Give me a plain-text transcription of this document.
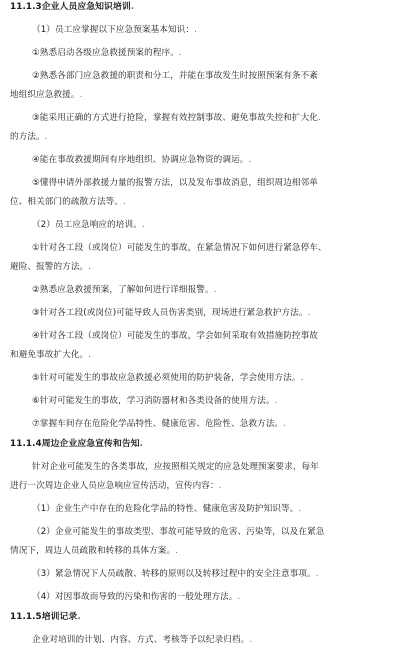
11.1.3企业人员应急知识培训.
（1）员工应掌握以下应急预案基本知识：.
①熟悉启动各级应急救援预案的程序。.
②熟悉各部门应急救援的职责和分工，并能在事故发生时按照预案有条不紊
地组织应急救援。.
③能采用正确的方式进行抢险，掌握有效控制事故、避免事故失控和扩大化.
的方法。.
④能在事故救援期间有序地组织、协调应急物资的调运。.
⑤懂得申请外部救援力量的报警方法，以及发布事故消息，组织周边相邻单
位、相关部门的疏散方法等。.
（2）员工应急响应的培训。.
①针对各工段（或岗位）可能发生的事故，在紧急情况下如何进行紧急停车、
避险、报警的方法。.
②熟悉应急救援预案，了解如何进行详细报警。.
③针对各工段(或岗位)可能导致人员伤害类别，现场进行紧急救护方法。.
④针对各工段（或岗位）可能发生的事故，学会如何采取有效措施防控事故
和避免事故扩大化。.
⑤针对可能发生的事故应急救援必须使用的防护装备，学会使用方法。.
⑥针对可能发生的事故，学习消防器材和各类设备的使用方法。.
⑦掌握车间存在危险化学品特性、健康危害、危险性、急救方法。.
11.1.4周边企业应急宣传和告知.
针对企业可能发生的各类事故，应按照相关规定的应急处理预案要求，每年
进行一次周边企业人员应急响应宣传活动，宣传内容：.
（1）企业生产中存在的危险化学品的特性、健康危害及防护知识等。.
（2）企业可能发生的事故类型、事故可能导致的危害、污染等，以及在紧急
情况下，周边人员疏散和转移的具体方案。.
（3）紧急情况下人员疏散、转移的原则以及转移过程中的安全注意事项。.
（4）对因事故而导致的污染和伤害的一般处理方法。.
11.1.5培训记录.
企业对培训的计划、内容、方式、考核等予以纪录归档。.
